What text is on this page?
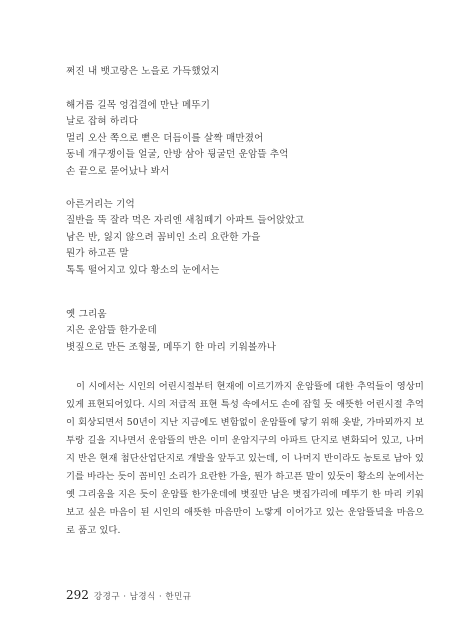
쩌진 내 뱃고랑은 노을로 가득했었지
해거름 길목 엉겁결에 만난 메뚜기
날로 잡혀 하리다
멀리 오산 쪽으로 뻗은 더듬이를 살짝 매만졌어
동네 개구쟁이들 얼굴, 안방 삼아 뒹굴던 운암뜰 추억
손 끝으로 묻어났나 봐서
아른거리는 기억
질반을 뚝 잘라 먹은 자리엔 새침떼기 아파트 들어앉았고
남은 반, 잃지 않으려 꼼비인 소리 요란한 가을
뭔가 하고픈 말
톡톡 떨어지고 있다 황소의 눈에서는
옛 그리움
지은 운암뜰 한가운데
볏짚으로 만든 조형물, 메뚜기 한 마리 키워볼까나

이 시에서는 시인의 어린시절부터 현재에 이르기까지 운암뜰에 대한 추억들이 영상미 있게 표현되어있다. 시의 저급적 표현 특성 속에서도 손에 잡힐 듯 애뜻한 어린시절 추억이 회상되면서 50년이 지난 지금에도 변함없이 운암뜰에 닿기 위해 옷밭, 가마뫼까지 보투랑 길을 지나면서 운암뜰의 반은 이미 운암지구의 아파트 단지로 변화되어 있고, 나머지 반은 현재 첨단산업단지로 개발을 앞두고 있는데, 이 나머지 반이라도 농토로 남아 있기를 바라는 듯이 꼼비인 소리가 요란한 가을, 뭔가 하고픈 말이 있듯이 황소의 눈에서는 옛 그리움을 지은 듯이 운암뜰 한가운데에 볏짚만 남은 볏집가리에 메뚜기 한 마리 키워 보고 싶은 마음이 된 시인의 애뜻한 마음만이 노랗게 이어가고 있는 운암뜰녘을 마음으로 품고 있다.

292 강경구 · 남경식 · 한민규
